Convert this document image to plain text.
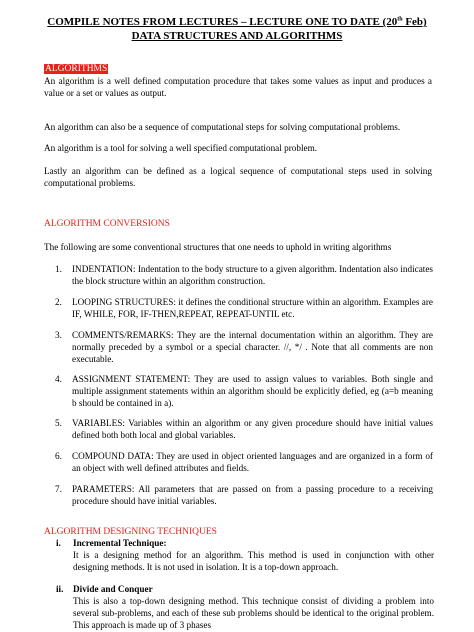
COMPILE NOTES FROM LECTURES – LECTURE ONE TO DATE (20th Feb)
DATA STRUCTURES AND ALGORITHMS
ALGORITHMS
An algorithm is a well defined computation procedure that takes some values as input and produces a value or a set or values as output.
An algorithm can also be a sequence of computational steps for solving computational problems.
An algorithm is a tool for solving a well specified computational problem.
Lastly an algorithm can be defined as a logical sequence of computational steps used in solving computational problems.
ALGORITHM CONVERSIONS
The following are some conventional structures that one needs to uphold in writing algorithms
1.	INDENTATION: Indentation to the body structure to a given algorithm. Indentation also indicates the block structure within an algorithm construction.
2.	LOOPING STRUCTURES: it defines the conditional structure within an algorithm. Examples are IF, WHILE, FOR, IF-THEN,REPEAT, REPEAT-UNTIL etc.
3.	COMMENTS/REMARKS: They are the internal documentation within an algorithm. They are normally preceded by a symbol or a special character. //, */ . Note that all comments are non executable.
4.	ASSIGNMENT STATEMENT: They are used to assign values to variables. Both single and multiple assignment statements within an algorithm should be explicitly defied, eg (a=b meaning b should be contained in a).
5.	VARIABLES: Variables within an algorithm or any given procedure should have initial values defined both both local and global variables.
6.	COMPOUND DATA: They are used in object oriented languages and are organized in a form of an object with well defined attributes and fields.
7.	PARAMETERS: All parameters that are passed on from a passing procedure to a receiving procedure should have initial variables.
ALGORITHM DESIGNING TECHNIQUES
i.	Incremental Technique:
It is a designing method for an algorithm. This method is used in conjunction with other designing methods. It is not used in isolation. It is a top-down approach.
ii.	Divide and Conquer
This is also a top-down designing method. This technique consist of dividing a problem into several sub-problems, and each of these sub problems should be identical to the original problem. This approach is made up of 3 phases
